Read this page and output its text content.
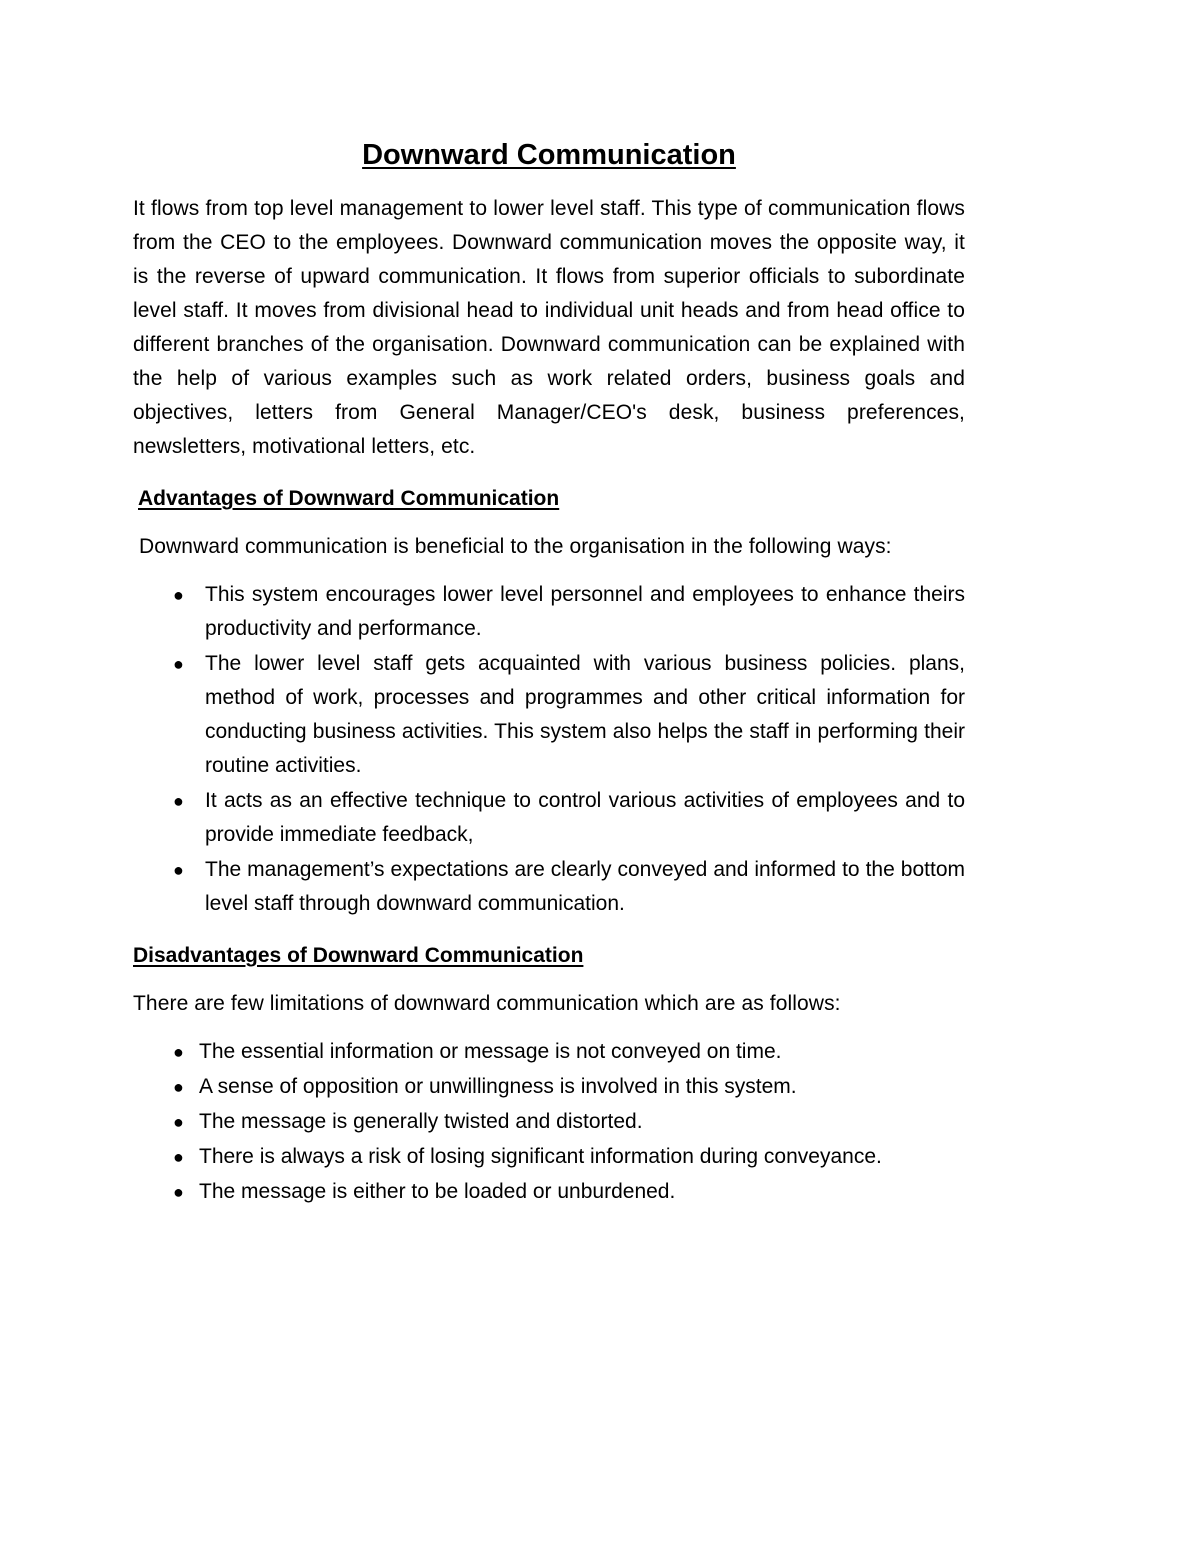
Downward Communication

It flows from top level management to lower level staff. This type of communication flows from the CEO to the employees. Downward communication moves the opposite way, it is the reverse of upward communication. It flows from superior officials to subordinate level staff. It moves from divisional head to individual unit heads and from head office to different branches of the organisation. Downward communication can be explained with the help of various examples such as work related orders, business goals and objectives, letters from General Manager/CEO's desk, business preferences, newsletters, motivational letters, etc.

Advantages of Downward Communication

Downward communication is beneficial to the organisation in the following ways:

● This system encourages lower level personnel and employees to enhance theirs productivity and performance.
● The lower level staff gets acquainted with various business policies. plans, method of work, processes and programmes and other critical information for conducting business activities. This system also helps the staff in performing their routine activities.
● It acts as an effective technique to control various activities of employees and to provide immediate feedback,
● The management’s expectations are clearly conveyed and informed to the bottom level staff through downward communication.
Disadvantages of Downward Communication

There are few limitations of downward communication which are as follows:

● The essential information or message is not conveyed on time.
● A sense of opposition or unwillingness is involved in this system.
● The message is generally twisted and distorted.
● There is always a risk of losing significant information during conveyance.
● The message is either to be loaded or unburdened.
